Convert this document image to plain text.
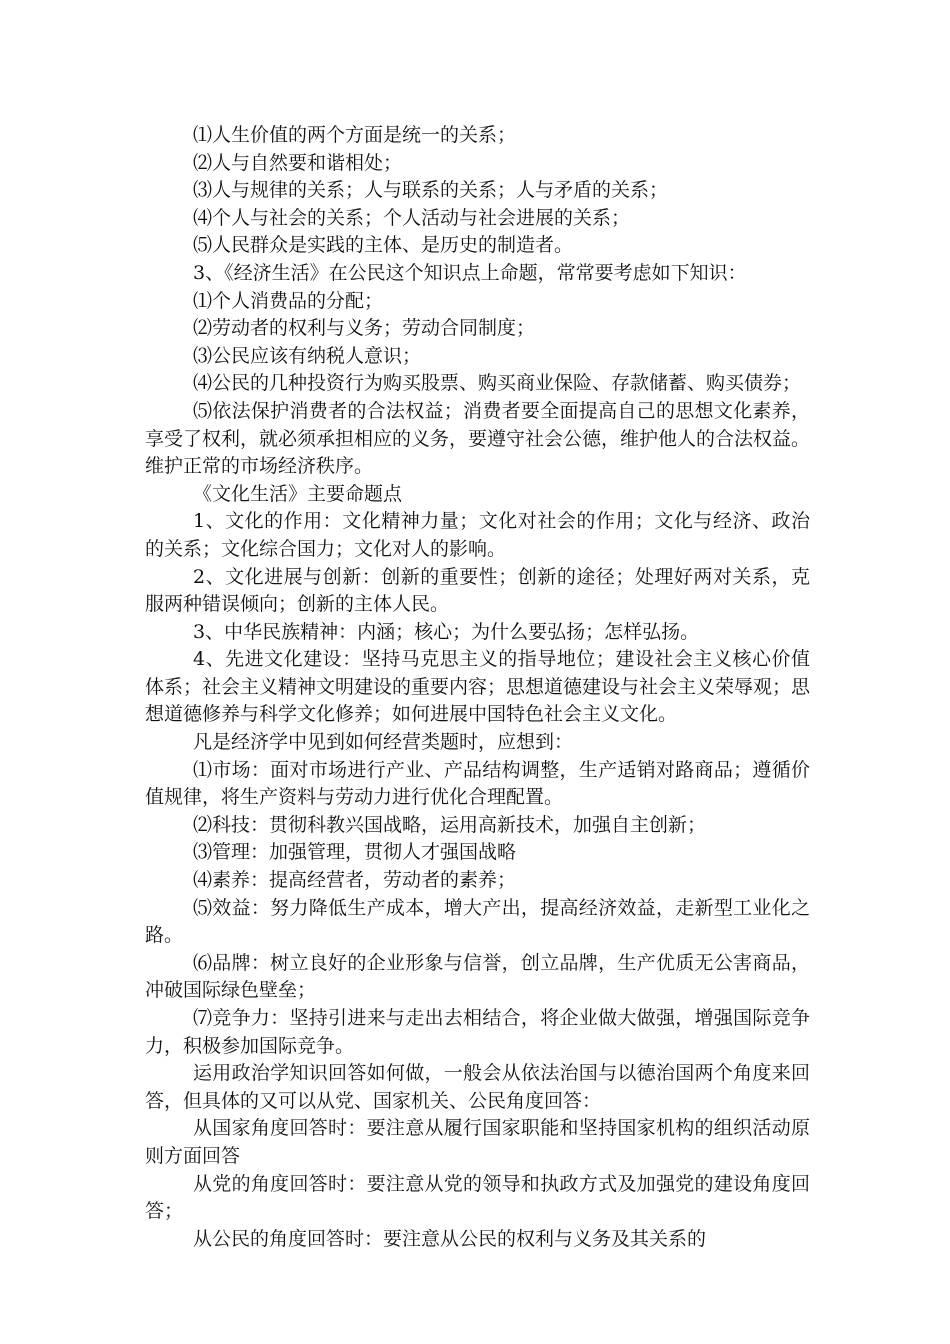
⑴人生价值的两个方面是统一的关系；

⑵人与自然要和谐相处；

⑶人与规律的关系；人与联系的关系；人与矛盾的关系；

⑷个人与社会的关系；个人活动与社会进展的关系；

⑸人民群众是实践的主体、是历史的制造者。

3、《经济生活》在公民这个知识点上命题，常常要考虑如下知识：

⑴个人消费品的分配；

⑵劳动者的权利与义务；劳动合同制度；

⑶公民应该有纳税人意识；

⑷公民的几种投资行为购买股票、购买商业保险、存款储蓄、购买债券；

⑸依法保护消费者的合法权益；消费者要全面提高自己的思想文化素养，享受了权利，就必须承担相应的义务，要遵守社会公德，维护他人的合法权益。维护正常的市场经济秩序。

《文化生活》主要命题点

1、文化的作用：文化精神力量；文化对社会的作用；文化与经济、政治的关系；文化综合国力；文化对人的影响。

2、文化进展与创新：创新的重要性；创新的途径；处理好两对关系，克服两种错误倾向；创新的主体人民。

3、中华民族精神：内涵；核心；为什么要弘扬；怎样弘扬。

4、先进文化建设：坚持马克思主义的指导地位；建设社会主义核心价值体系；社会主义精神文明建设的重要内容；思想道德建设与社会主义荣辱观；思想道德修养与科学文化修养；如何进展中国特色社会主义文化。

凡是经济学中见到如何经营类题时，应想到：

⑴市场：面对市场进行产业、产品结构调整，生产适销对路商品；遵循价值规律，将生产资料与劳动力进行优化合理配置。

⑵科技：贯彻科教兴国战略，运用高新技术，加强自主创新；

⑶管理：加强管理，贯彻人才强国战略

⑷素养：提高经营者，劳动者的素养；

⑸效益：努力降低生产成本，增大产出，提高经济效益，走新型工业化之路。

⑹品牌：树立良好的企业形象与信誉，创立品牌，生产优质无公害商品，冲破国际绿色壁垒；

⑺竞争力：坚持引进来与走出去相结合，将企业做大做强，增强国际竞争力，积极参加国际竞争。

运用政治学知识回答如何做，一般会从依法治国与以德治国两个角度来回答，但具体的又可以从党、国家机关、公民角度回答：

从国家角度回答时：要注意从履行国家职能和坚持国家机构的组织活动原则方面回答

从党的角度回答时：要注意从党的领导和执政方式及加强党的建设角度回答；

从公民的角度回答时：要注意从公民的权利与义务及其关系的
